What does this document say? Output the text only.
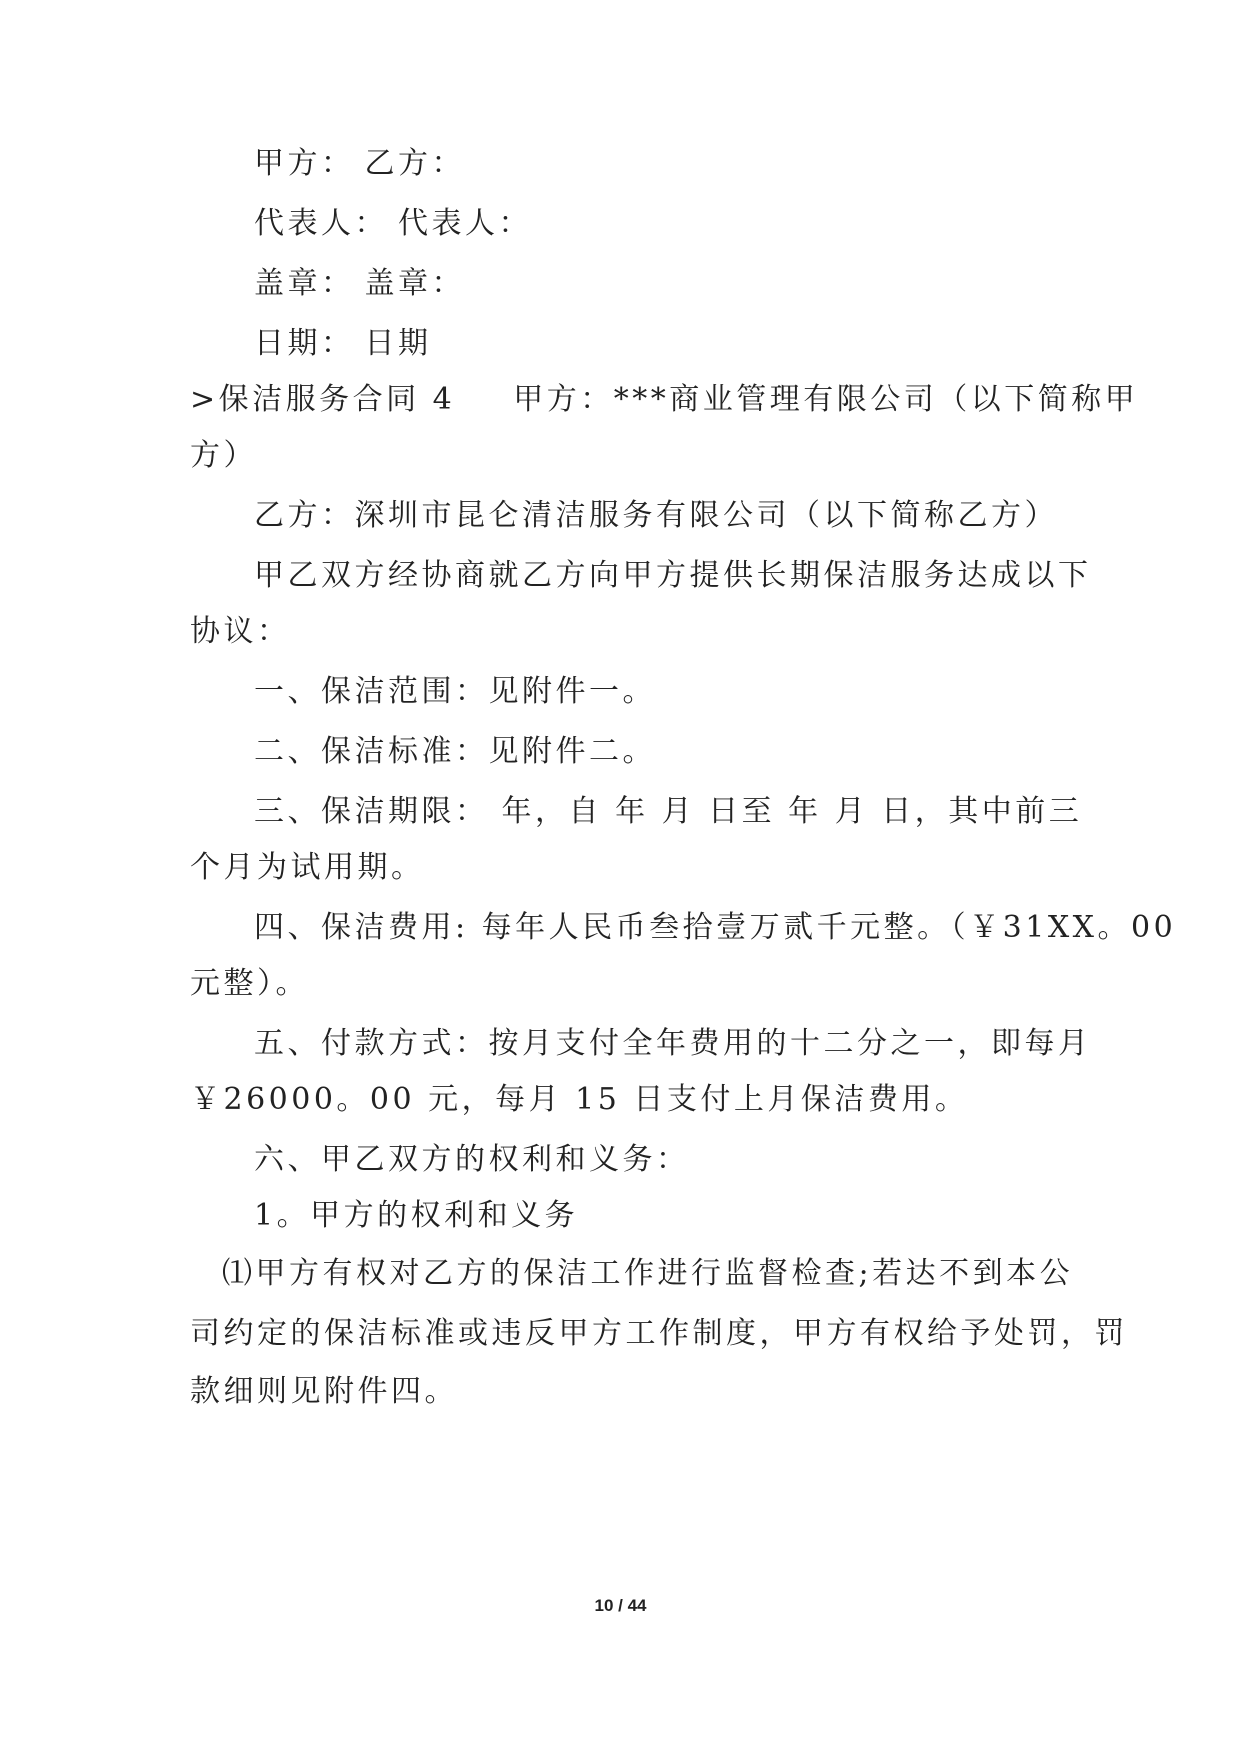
甲方： 乙方：
代表人： 代表人：
盖章： 盖章：
日期： 日期
>保洁服务合同 4 甲方：***商业管理有限公司（以下简称甲
方）
乙方：深圳市昆仑清洁服务有限公司（以下简称乙方）
甲乙双方经协商就乙方向甲方提供长期保洁服务达成以下
协议：
一、保洁范围：见附件一。
二、保洁标准：见附件二。
三、保洁期限： 年，自 年 月 日至 年 月 日，其中前三
个月为试用期。
四、保洁费用: 每年人民币叁拾壹万贰千元整。（￥31XX。00
元整）。
五、付款方式：按月支付全年费用的十二分之一，即每月
￥26000。00 元，每月 15 日支付上月保洁费用。
六、甲乙双方的权利和义务：
1。甲方的权利和义务
⑴甲方有权对乙方的保洁工作进行监督检查;若达不到本公
司约定的保洁标准或违反甲方工作制度，甲方有权给予处罚，罚
款细则见附件四。
10 / 44
